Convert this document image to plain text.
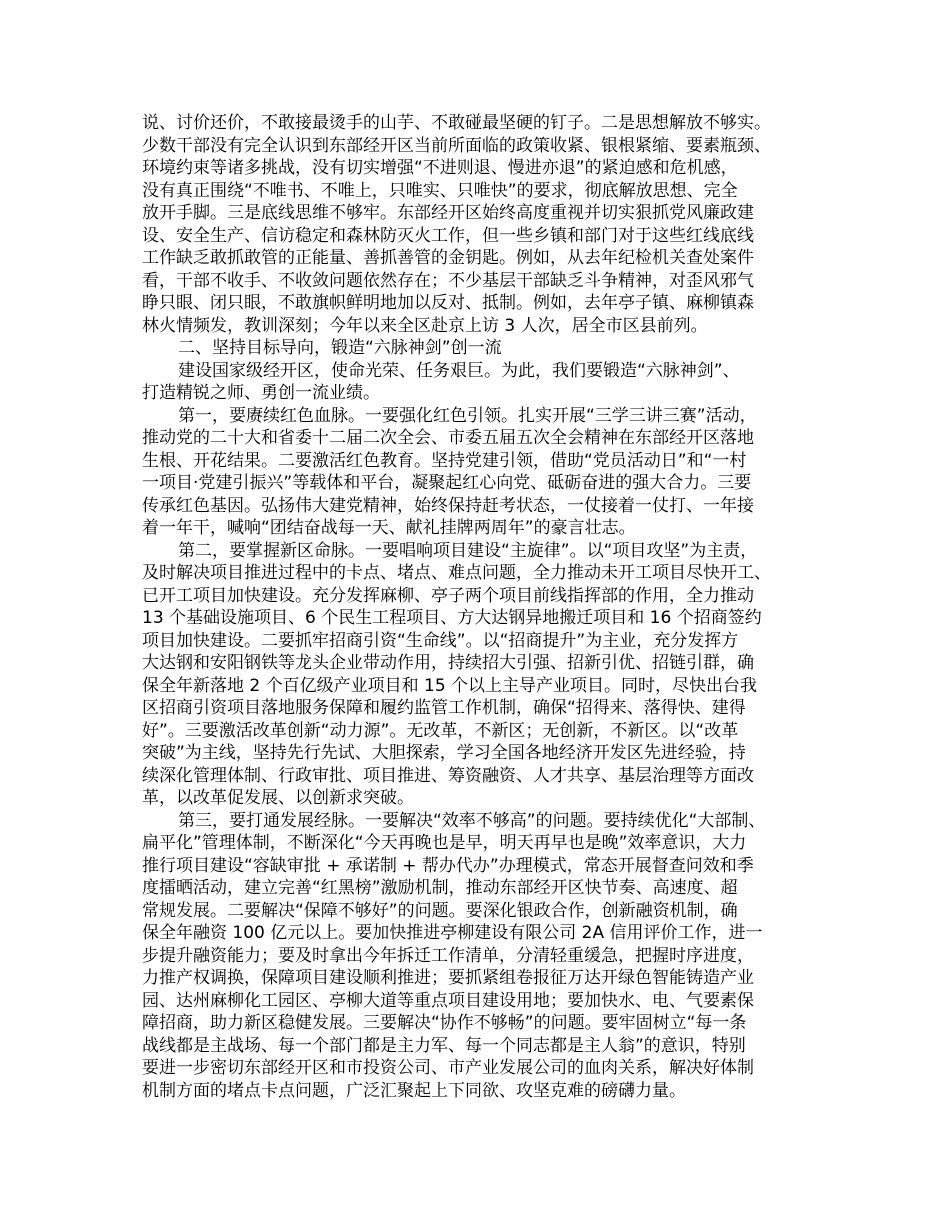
说、讨价还价，不敢接最烫手的山芋、不敢碰最坚硬的钉子。二是思想解放不够实。
少数干部没有完全认识到东部经开区当前所面临的政策收紧、银根紧缩、要素瓶颈、
环境约束等诸多挑战，没有切实增强“不进则退、慢进亦退”的紧迫感和危机感，
没有真正围绕“不唯书、不唯上，只唯实、只唯快”的要求，彻底解放思想、完全
放开手脚。三是底线思维不够牢。东部经开区始终高度重视并切实狠抓党风廉政建
设、安全生产、信访稳定和森林防灭火工作，但一些乡镇和部门对于这些红线底线
工作缺乏敢抓敢管的正能量、善抓善管的金钥匙。例如，从去年纪检机关查处案件
看，干部不收手、不收敛问题依然存在；不少基层干部缺乏斗争精神，对歪风邪气
睁只眼、闭只眼，不敢旗帜鲜明地加以反对、抵制。例如，去年亭子镇、麻柳镇森
林火情频发，教训深刻；今年以来全区赴京上访 3 人次，居全市区县前列。
二、坚持目标导向，锻造“六脉神剑”创一流
建设国家级经开区，使命光荣、任务艰巨。为此，我们要锻造“六脉神剑”、
打造精锐之师、勇创一流业绩。
第一，要赓续红色血脉。一要强化红色引领。扎实开展“三学三讲三赛”活动，
推动党的二十大和省委十二届二次全会、市委五届五次全会精神在东部经开区落地
生根、开花结果。二要激活红色教育。坚持党建引领，借助“党员活动日”和“一村
一项目·党建引振兴”等载体和平台，凝聚起红心向党、砥砺奋进的强大合力。三要
传承红色基因。弘扬伟大建党精神，始终保持赶考状态，一仗接着一仗打、一年接
着一年干，喊响“团结奋战每一天、献礼挂牌两周年”的豪言壮志。
第二，要掌握新区命脉。一要唱响项目建设“主旋律”。以“项目攻坚”为主责，
及时解决项目推进过程中的卡点、堵点、难点问题，全力推动未开工项目尽快开工、
已开工项目加快建设。充分发挥麻柳、亭子两个项目前线指挥部的作用，全力推动
13 个基础设施项目、6 个民生工程项目、方大达钢异地搬迁项目和 16 个招商签约
项目加快建设。二要抓牢招商引资“生命线”。以“招商提升”为主业，充分发挥方
大达钢和安阳钢铁等龙头企业带动作用，持续招大引强、招新引优、招链引群，确
保全年新落地 2 个百亿级产业项目和 15 个以上主导产业项目。同时，尽快出台我
区招商引资项目落地服务保障和履约监管工作机制，确保“招得来、落得快、建得
好”。三要激活改革创新“动力源”。无改革，不新区；无创新，不新区。以“改革
突破”为主线，坚持先行先试、大胆探索，学习全国各地经济开发区先进经验，持
续深化管理体制、行政审批、项目推进、筹资融资、人才共享、基层治理等方面改
革，以改革促发展、以创新求突破。
第三，要打通发展经脉。一要解决“效率不够高”的问题。要持续优化“大部制、
扁平化”管理体制，不断深化“今天再晚也是早，明天再早也是晚”效率意识，大力
推行项目建设“容缺审批 + 承诺制 + 帮办代办”办理模式，常态开展督查问效和季
度擂晒活动，建立完善“红黑榜”激励机制，推动东部经开区快节奏、高速度、超
常规发展。二要解决“保障不够好”的问题。要深化银政合作，创新融资机制，确
保全年融资 100 亿元以上。要加快推进亭柳建设有限公司 2A 信用评价工作，进一
步提升融资能力；要及时拿出今年拆迁工作清单，分清轻重缓急，把握时序进度，
力推产权调换，保障项目建设顺利推进；要抓紧组卷报征万达开绿色智能铸造产业
园、达州麻柳化工园区、亭柳大道等重点项目建设用地；要加快水、电、气要素保
障招商，助力新区稳健发展。三要解决“协作不够畅”的问题。要牢固树立“每一条
战线都是主战场、每一个部门都是主力军、每一个同志都是主人翁”的意识，特别
要进一步密切东部经开区和市投资公司、市产业发展公司的血肉关系，解决好体制
机制方面的堵点卡点问题，广泛汇聚起上下同欲、攻坚克难的磅礴力量。
